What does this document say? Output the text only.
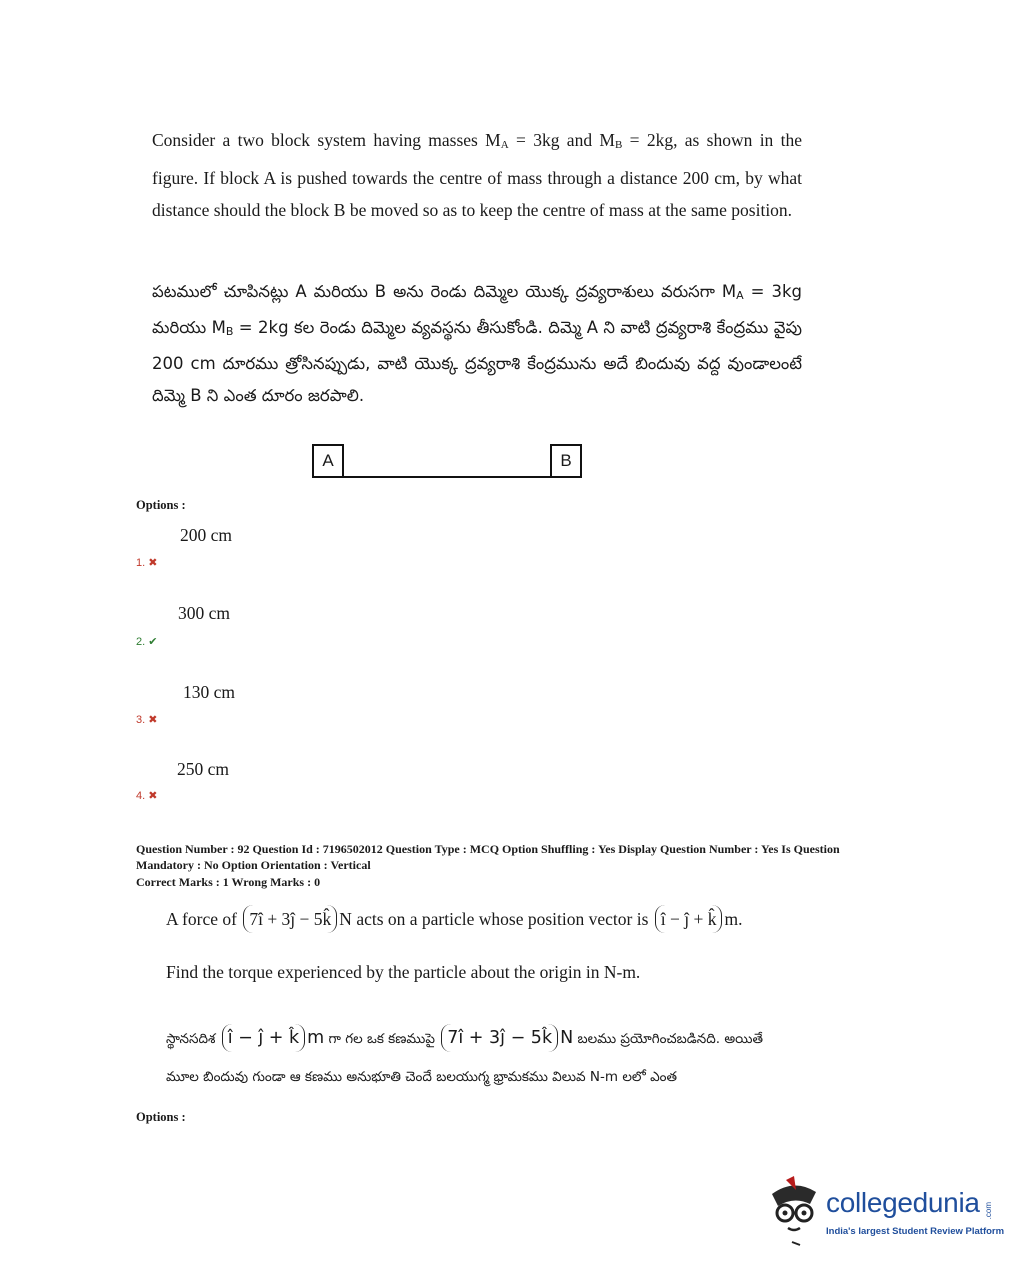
Consider a two block system having masses $M_A = 3kg$ and $M_B = 2kg$, as shown in the figure. If block A is pushed towards the centre of mass through a distance 200 cm, by what distance should the block B be moved so as to keep the centre of mass at the same position.
పటములో చూపినట్లు A మరియు B అను రెండు దిమ్మెల యొక్క ద్రవ్యరాశులు వరుసగా $M_A = 3kg$ మరియు $M_B = 2kg$ కల రెండు దిమ్మెల వ్యవస్థను తీసుకోండి. దిమ్మె A ని వాటి ద్రవ్యరాశి కేంద్రము వైపు 200 cm దూరము త్రోసినప్పుడు, వాటి యొక్క ద్రవ్యరాశి కేంద్రమును అదే బిందువు వద్ద వుండాలంటే దిమ్మె B ని ఎంత దూరం జరపాలి.
A	B
Options :
200 cm
1. ✖
300 cm
2. ✔
130 cm
3. ✖
250 cm
4. ✖
Question Number : 92 Question Id : 7196502012 Question Type : MCQ Option Shuffling : Yes Display Question Number : Yes Is Question
Mandatory : No Option Orientation : Vertical
Correct Marks : 1 Wrong Marks : 0
A force of 7î + 3ĵ − 5k̂ N acts on a particle whose position vector is î − ĵ + k̂ m.
Find the torque experienced by the particle about the origin in N-m.
స్థానసదిశ î − ĵ + k̂ m గా గల ఒక కణముపై 7î + 3ĵ − 5k̂ N బలము ప్రయోగించబడినది. అయితే
మూల బిందువు గుండా ఆ కణము అనుభూతి చెందే బలయుగ్మ భ్రామకము విలువ N-m లలో ఎంత
Options :
collegedunia .com
India's largest Student Review Platform
